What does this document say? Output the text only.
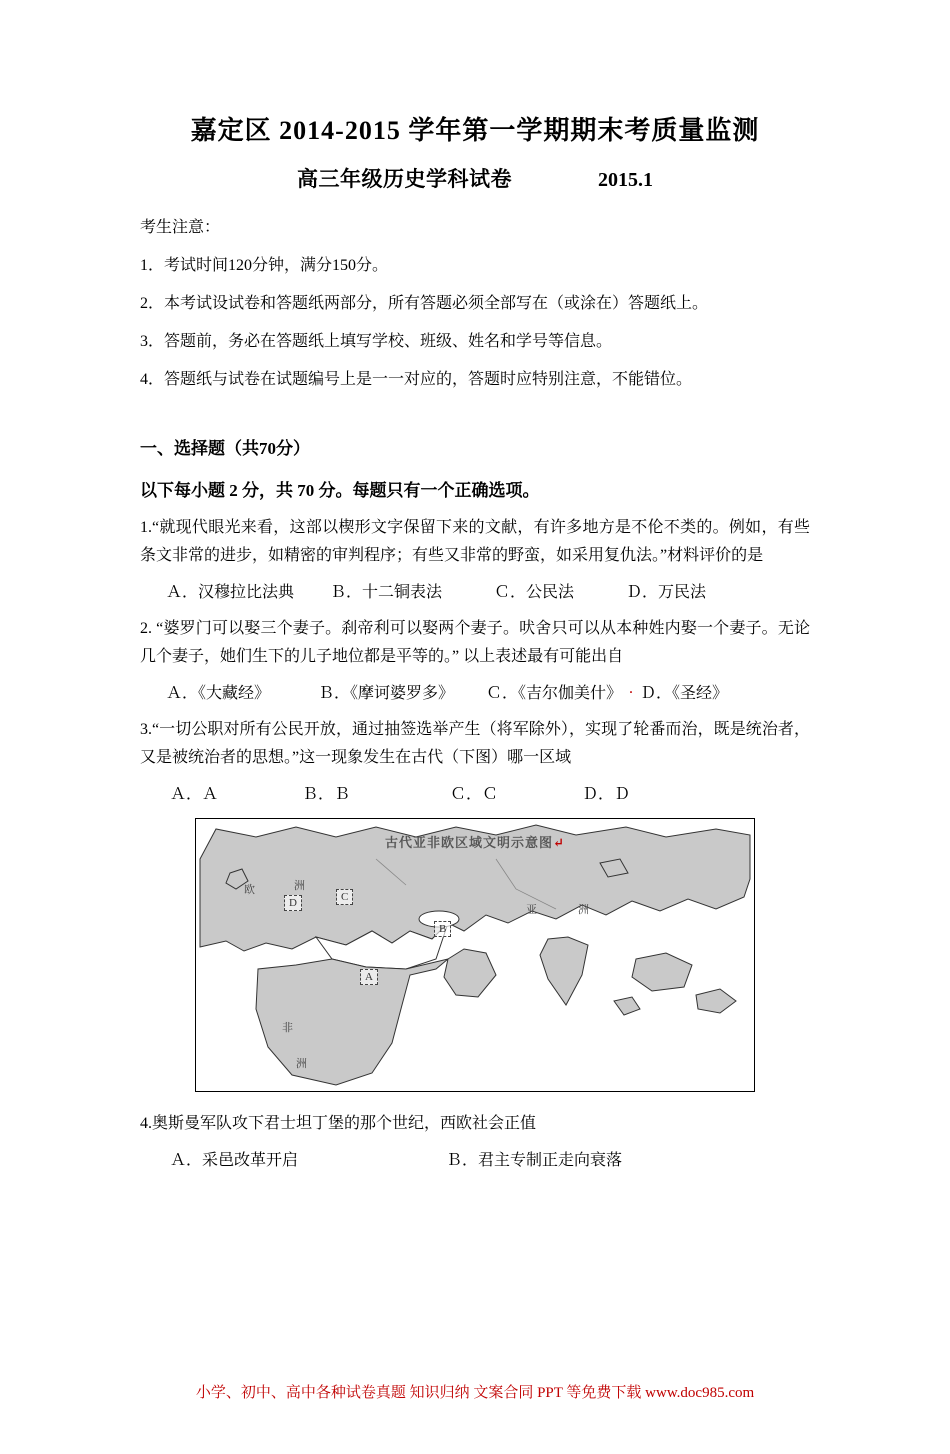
嘉定区 2014-2015 学年第一学期期末考质量监测
高三年级历史学科试卷	2015.1
考生注意：
1．考试时间120分钟，满分150分。
2．本考试设试卷和答题纸两部分，所有答题必须全部写在（或涂在）答题纸上。
3．答题前，务必在答题纸上填写学校、班级、姓名和学号等信息。
4．答题纸与试卷在试题编号上是一一对应的，答题时应特别注意，不能错位。
一、选择题（共70分）
以下每小题 2 分，共 70 分。每题只有一个正确选项。
1.“就现代眼光来看，这部以楔形文字保留下来的文献，有许多地方是不伦不类的。例如，有些条文非常的进步，如精密的审判程序；有些又非常的野蛮，如采用复仇法。”材料评价的是
Ａ．汉穆拉比法典　　 Ｂ．十二铜表法　　　 Ｃ．公民法　　　 Ｄ．万民法
2. “婆罗门可以娶三个妻子。刹帝利可以娶两个妻子。吠舍只可以从本种姓内娶一个妻子。无论几个妻子，她们生下的儿子地位都是平等的。” 以上表述最有可能出自
Ａ．《大藏经》	Ｂ．《摩诃婆罗多》	Ｃ．《吉尔伽美什》 . Ｄ．《圣经》
3.“一切公职对所有公民开放，通过抽签选举产生（将军除外），实现了轮番而治，既是统治者，又是被统治者的思想。”这一现象发生在古代（下图）哪一区域
Ａ．Ａ　　　　　 Ｂ．Ｂ　　　　　　 Ｃ．Ｃ　　　　　 Ｄ．Ｄ
古代亚非欧区域文明示意图↵
欧	洲
亚	洲
非
洲
D	C
B
A
4.奥斯曼军队攻下君士坦丁堡的那个世纪，西欧社会正值
Ａ．采邑改革开启　　　　　　　　　 Ｂ．君主专制正走向衰落
小学、初中、高中各种试卷真题 知识归纳 文案合同 PPT 等免费下载 www.doc985.com
